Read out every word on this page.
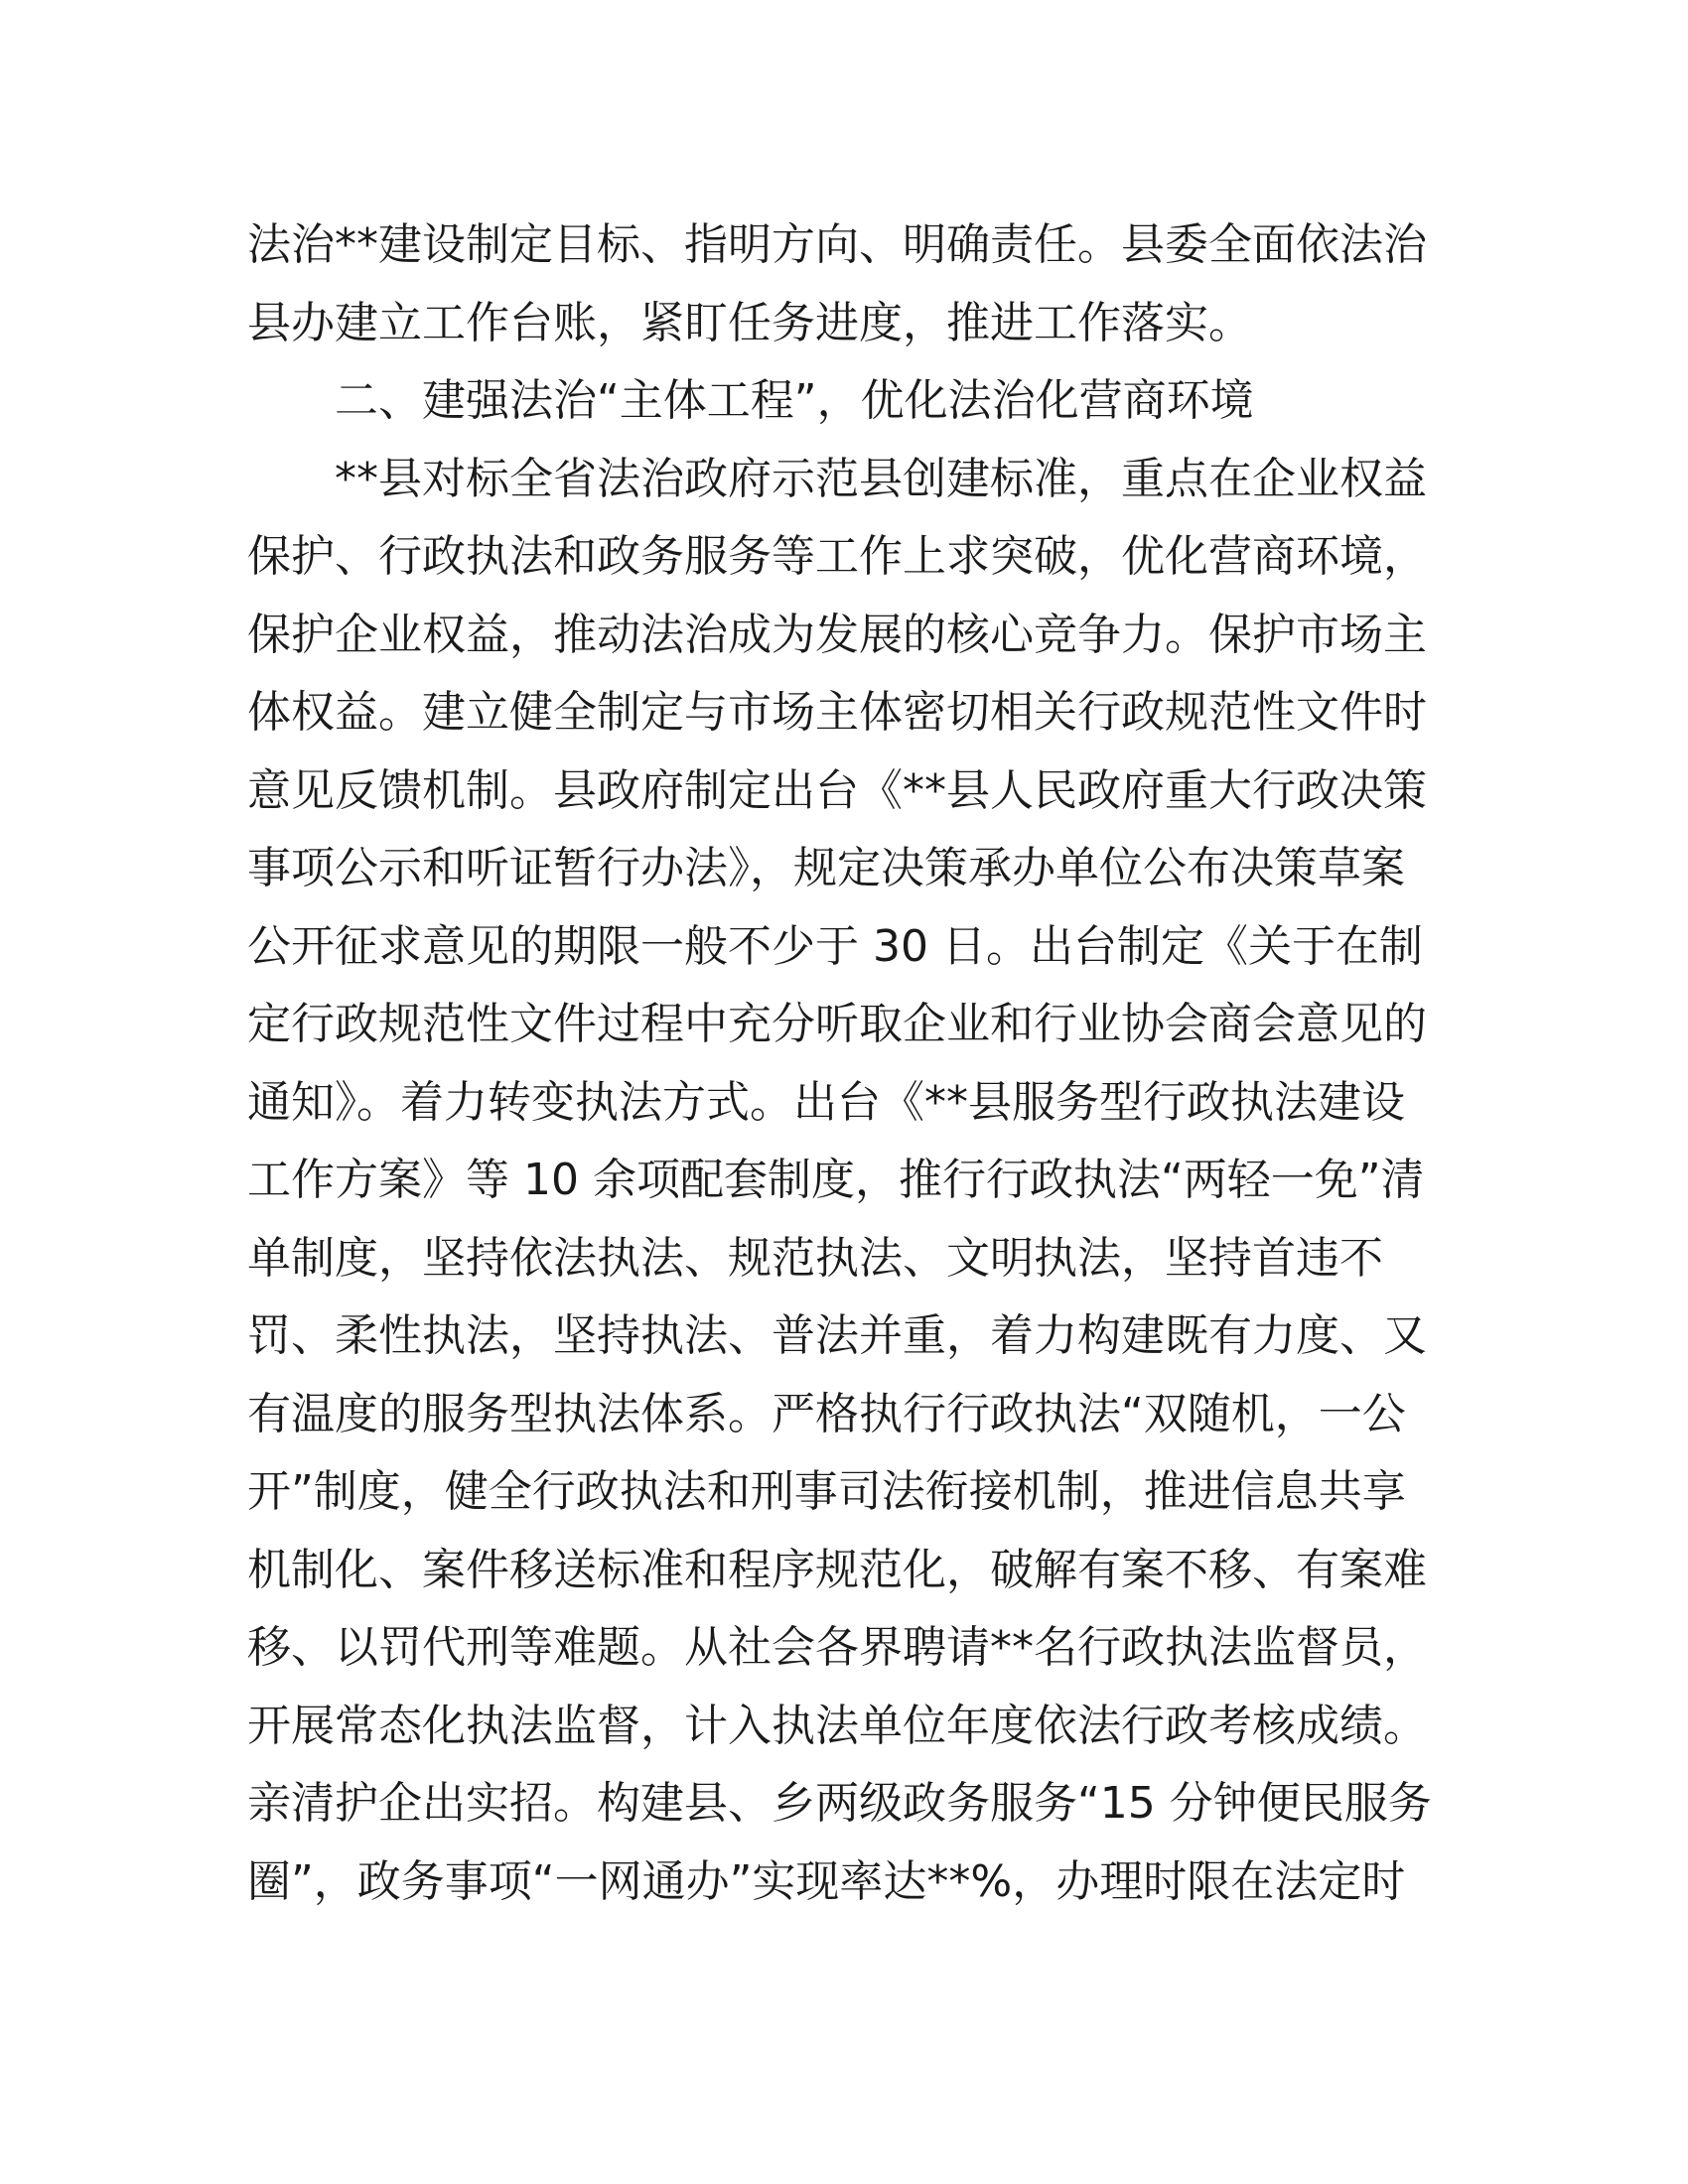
法治**建设制定目标、指明方向、明确责任。县委全面依法治
县办建立工作台账，紧盯任务进度，推进工作落实。

二、建强法治“主体工程”，优化法治化营商环境

**县对标全省法治政府示范县创建标准，重点在企业权益
保护、行政执法和政务服务等工作上求突破，优化营商环境，
保护企业权益，推动法治成为发展的核心竞争力。保护市场主
体权益。建立健全制定与市场主体密切相关行政规范性文件时
意见反馈机制。县政府制定出台《**县人民政府重大行政决策
事项公示和听证暂行办法》，规定决策承办单位公布决策草案
公开征求意见的期限一般不少于 30 日。出台制定《关于在制
定行政规范性文件过程中充分听取企业和行业协会商会意见的
通知》。着力转变执法方式。出台《**县服务型行政执法建设
工作方案》等 10 余项配套制度，推行行政执法“两轻一免”清
单制度，坚持依法执法、规范执法、文明执法，坚持首违不
罚、柔性执法，坚持执法、普法并重，着力构建既有力度、又
有温度的服务型执法体系。严格执行行政执法“双随机，一公
开”制度，健全行政执法和刑事司法衔接机制，推进信息共享
机制化、案件移送标准和程序规范化，破解有案不移、有案难
移、以罚代刑等难题。从社会各界聘请**名行政执法监督员，
开展常态化执法监督，计入执法单位年度依法行政考核成绩。
亲清护企出实招。构建县、乡两级政务服务“15 分钟便民服务
圈”，政务事项“一网通办”实现率达**%，办理时限在法定时
